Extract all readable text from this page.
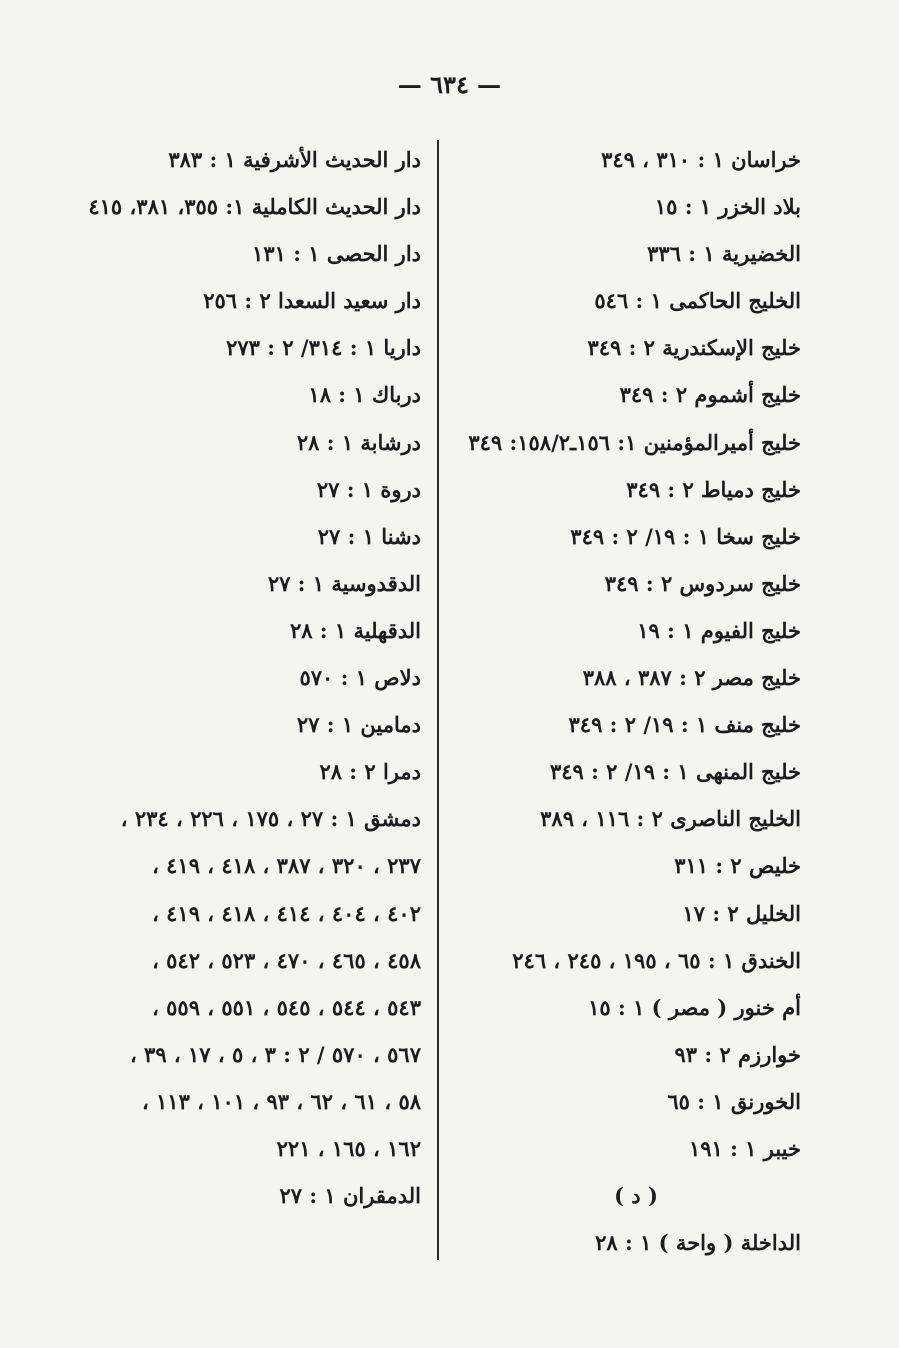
— ٦٣٤ —
خراسان ١ : ٣١٠ ، ٣٤٩
بلاد الخزر ١ : ١٥
الخضيرية ١ : ٣٣٦
الخليج الحاكمى ١ : ٥٤٦
خليج الإسكندرية ٢ : ٣٤٩
خليج أشموم ٢ : ٣٤٩
خليج أميرالمؤمنين ١: ١٥٦ـ١٥٨/٢: ٣٤٩
خليج دمياط ٢ : ٣٤٩
خليج سخا ١ : ١٩/ ٢ : ٣٤٩
خليج سردوس ٢ : ٣٤٩
خليج الفيوم ١ : ١٩
خليج مصر ٢ : ٣٨٧ ، ٣٨٨
خليج منف ١ : ١٩/ ٢ : ٣٤٩
خليج المنهى ١ : ١٩/ ٢ : ٣٤٩
الخليج الناصرى ٢ : ١١٦ ، ٣٨٩
خليص ٢ : ٣١١
الخليل ٢ : ١٧
الخندق ١ : ٦٥ ، ١٩٥ ، ٢٤٥ ، ٢٤٦
أم خنور ( مصر ) ١ : ١٥
خوارزم ٢ : ٩٣
الخورنق ١ : ٦٥
خيبر ١ : ١٩١
( د )
الداخلة ( واحة ) ١ : ٢٨
دار الحديث الأشرفية ١ : ٣٨٣
دار الحديث الكاملية ١: ٣٥٥، ٣٨١، ٤١٥
دار الحصى ١ : ١٣١
دار سعيد السعدا ٢ : ٢٥٦
داريا ١ : ٣١٤/ ٢ : ٢٧٣
درباك ١ : ١٨
درشابة ١ : ٢٨
دروة ١ : ٢٧
دشنا ١ : ٢٧
الدقدوسية ١ : ٢٧
الدقهلية ١ : ٢٨
دلاص ١ : ٥٧٠
دمامين ١ : ٢٧
دمرا ٢ : ٢٨
دمشق ١ : ٢٧ ، ١٧٥ ، ٢٢٦ ، ٢٣٤ ،
٢٣٧ ، ٣٢٠ ، ٣٨٧ ، ٤١٨ ، ٤١٩ ،
٤٠٢ ، ٤٠٤ ، ٤١٤ ، ٤١٨ ، ٤١٩ ،
٤٥٨ ، ٤٦٥ ، ٤٧٠ ، ٥٢٣ ، ٥٤٢ ،
٥٤٣ ، ٥٤٤ ، ٥٤٥ ، ٥٥١ ، ٥٥٩ ،
٥٦٧ ، ٥٧٠ / ٢ : ٣ ، ٥ ، ١٧ ، ٣٩ ،
٥٨ ، ٦١ ، ٦٢ ، ٩٣ ، ١٠١ ، ١١٣ ،
١٦٢ ، ١٦٥ ، ٢٢١
الدمقران ١ : ٢٧
